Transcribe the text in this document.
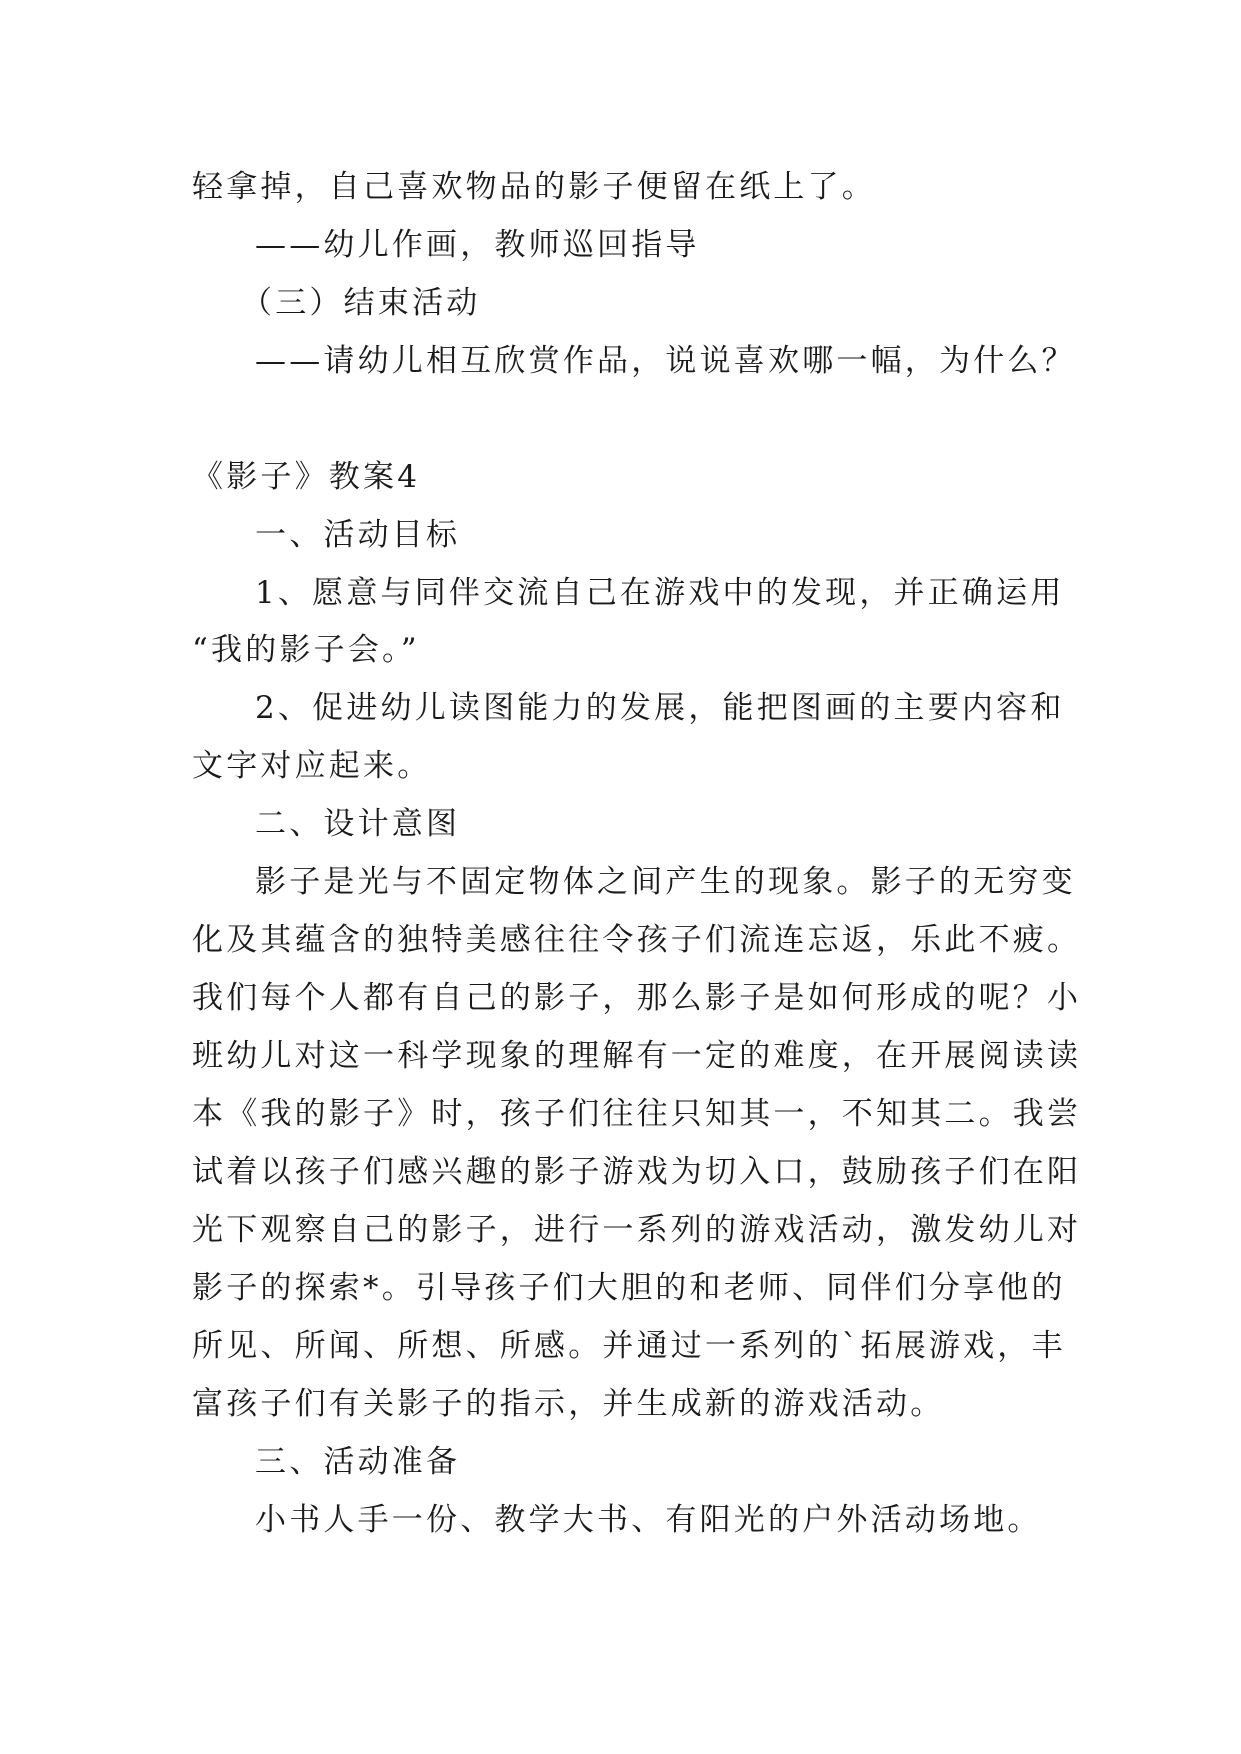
轻拿掉，自己喜欢物品的影子便留在纸上了。
——幼儿作画，教师巡回指导
（三）结束活动
——请幼儿相互欣赏作品，说说喜欢哪一幅，为什么？
《影子》教案4
一、活动目标
1、愿意与同伴交流自己在游戏中的发现，并正确运用
“我的影子会。”
2、促进幼儿读图能力的发展，能把图画的主要内容和
文字对应起来。
二、设计意图
影子是光与不固定物体之间产生的现象。影子的无穷变
化及其蕴含的独特美感往往令孩子们流连忘返，乐此不疲。
我们每个人都有自己的影子，那么影子是如何形成的呢？小
班幼儿对这一科学现象的理解有一定的难度，在开展阅读读
本《我的影子》时，孩子们往往只知其一，不知其二。我尝
试着以孩子们感兴趣的影子游戏为切入口，鼓励孩子们在阳
光下观察自己的影子，进行一系列的游戏活动，激发幼儿对
影子的探索*。引导孩子们大胆的和老师、同伴们分享他的
所见、所闻、所想、所感。并通过一系列的`拓展游戏，丰
富孩子们有关影子的指示，并生成新的游戏活动。
三、活动准备
小书人手一份、教学大书、有阳光的户外活动场地。
